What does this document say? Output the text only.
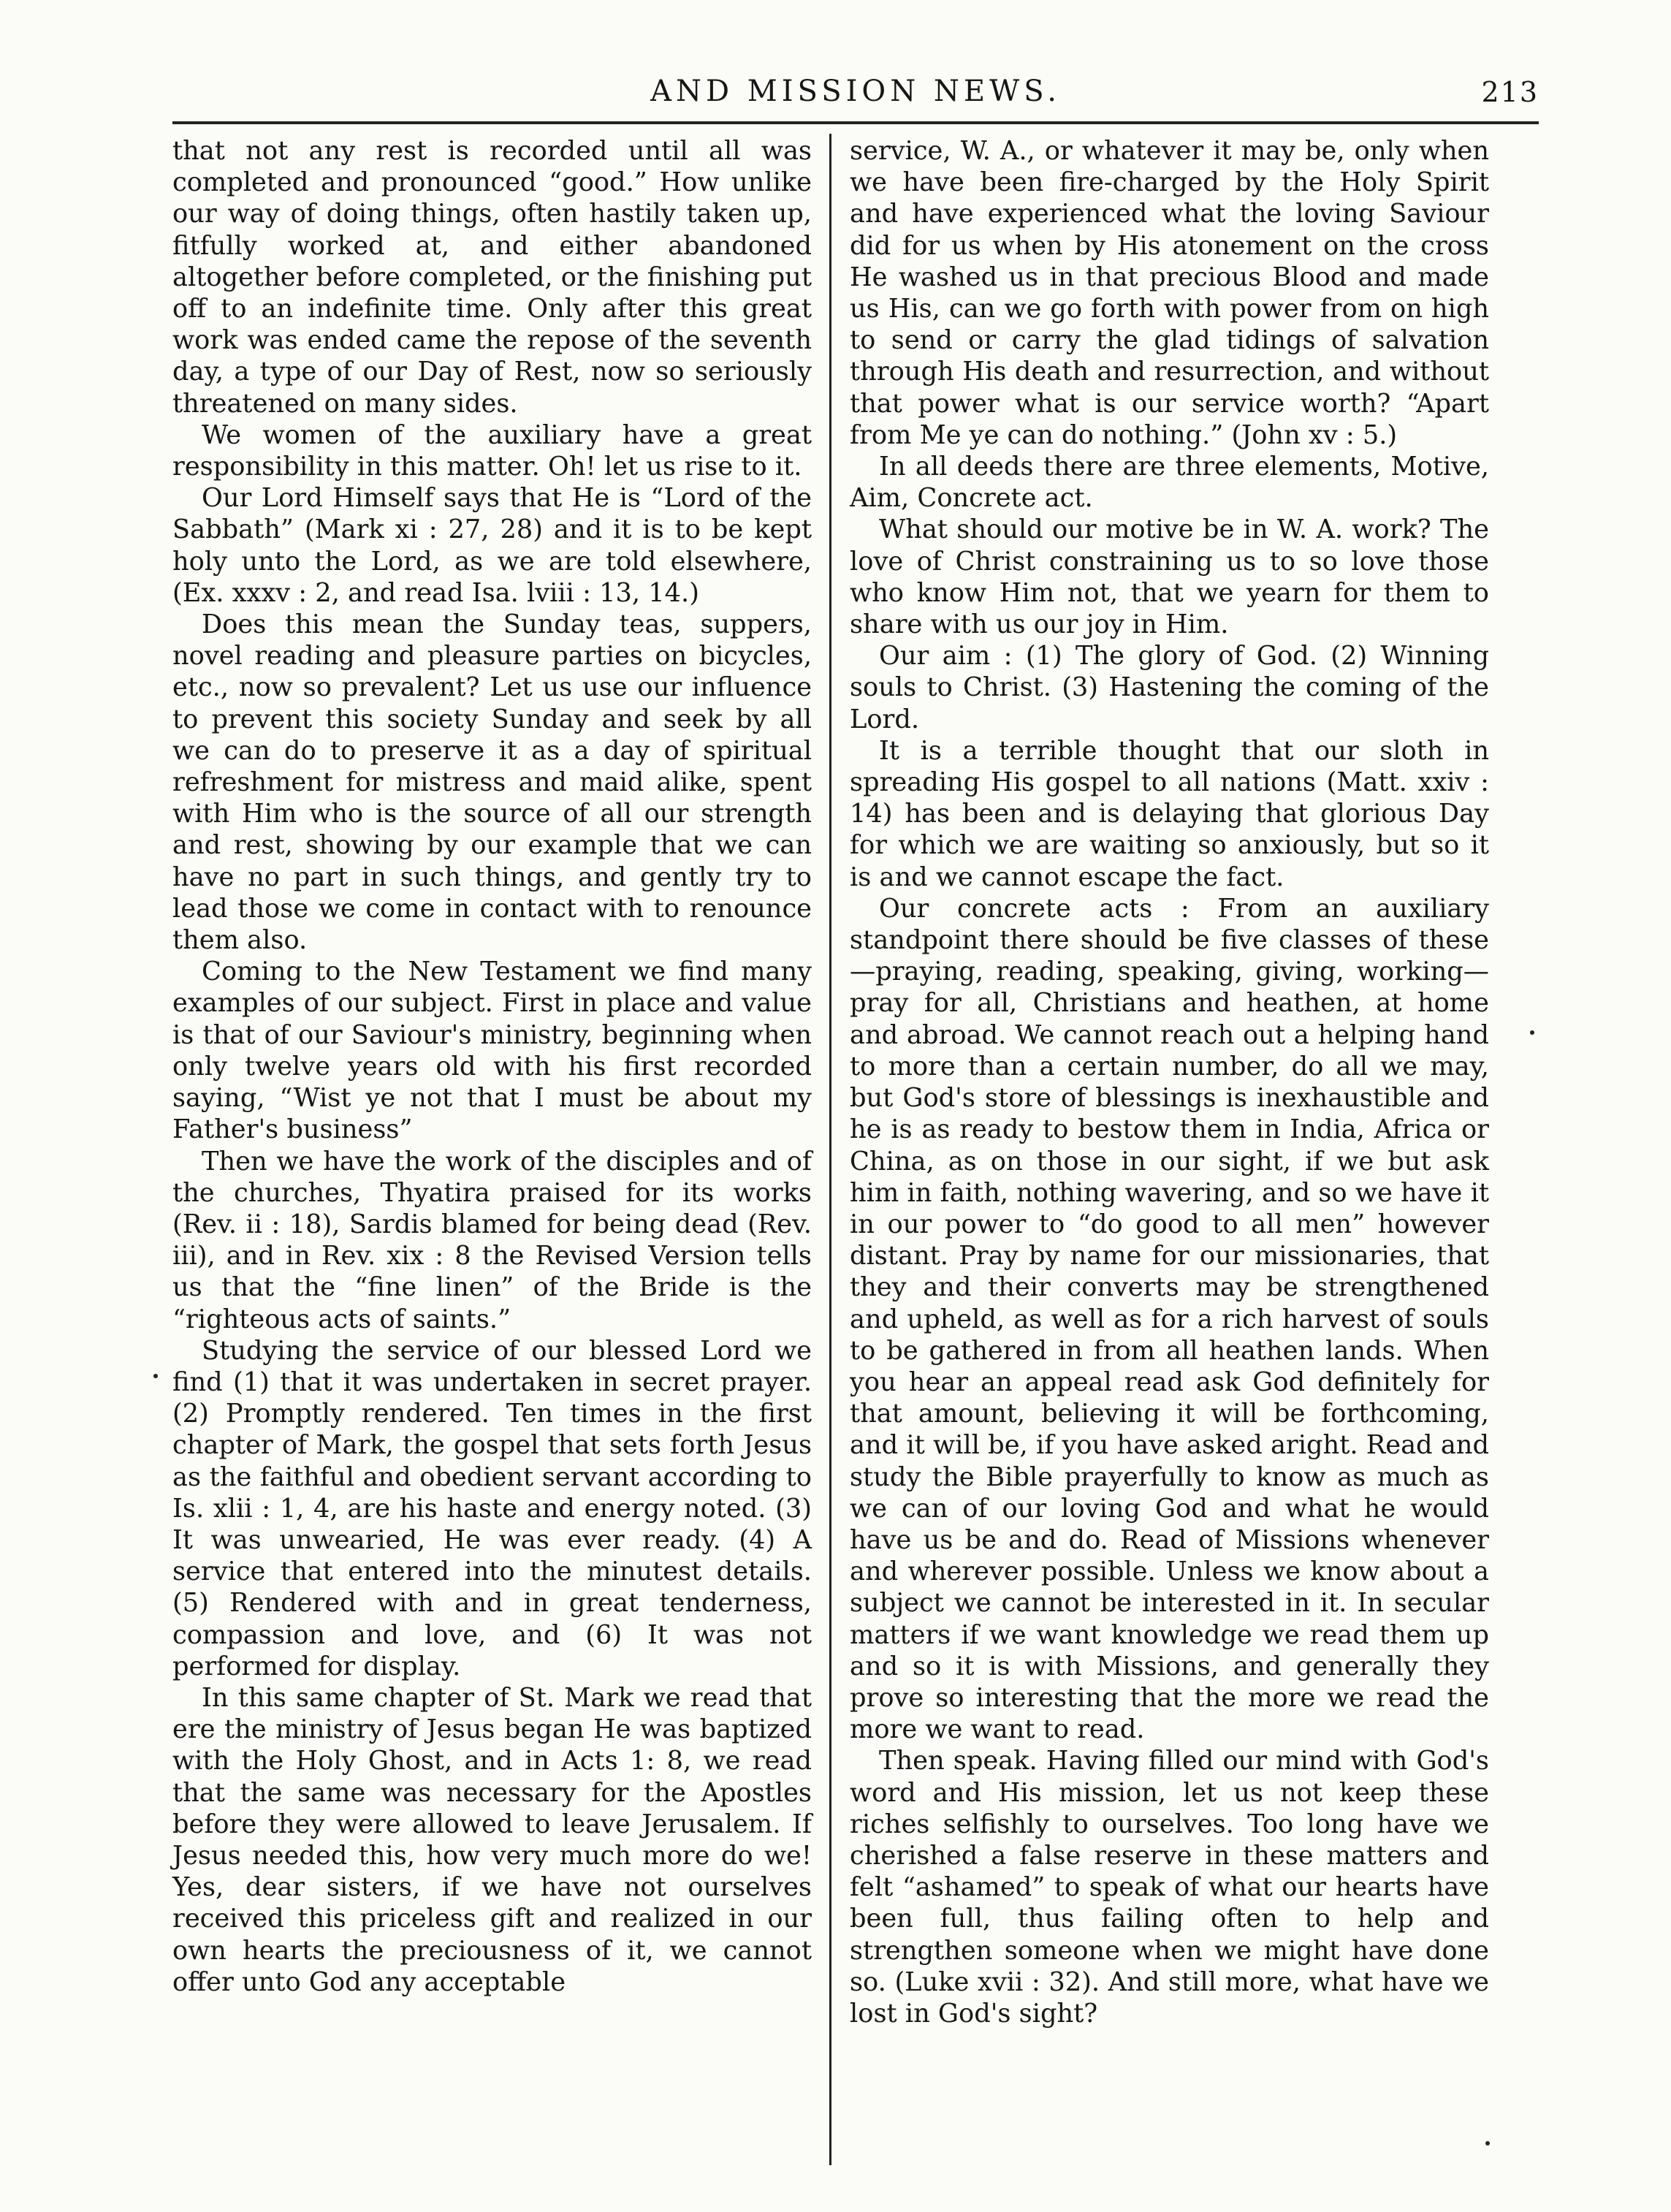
AND MISSION NEWS.	213

that not any rest is recorded until all was completed and pronounced “good.” How unlike our way of doing things, often hastily taken up, fitfully worked at, and either abandoned altogether before completed, or the finishing put off to an indefinite time. Only after this great work was ended came the repose of the seventh day, a type of our Day of Rest, now so seriously threatened on many sides.

We women of the auxiliary have a great responsibility in this matter. Oh! let us rise to it.

Our Lord Himself says that He is “Lord of the Sabbath” (Mark xi : 27, 28) and it is to be kept holy unto the Lord, as we are told elsewhere, (Ex. xxxv : 2, and read Isa. lviii : 13, 14.)

Does this mean the Sunday teas, suppers, novel reading and pleasure parties on bicycles, etc., now so prevalent? Let us use our influence to prevent this society Sunday and seek by all we can do to preserve it as a day of spiritual refreshment for mistress and maid alike, spent with Him who is the source of all our strength and rest, showing by our example that we can have no part in such things, and gently try to lead those we come in contact with to renounce them also.

Coming to the New Testament we find many examples of our subject. First in place and value is that of our Saviour's ministry, beginning when only twelve years old with his first recorded saying, “Wist ye not that I must be about my Father's business”

Then we have the work of the disciples and of the churches, Thyatira praised for its works (Rev. ii : 18), Sardis blamed for being dead (Rev. iii), and in Rev. xix : 8 the Revised Version tells us that the “fine linen” of the Bride is the “righteous acts of saints.”

Studying the service of our blessed Lord we find (1) that it was undertaken in secret prayer. (2) Promptly rendered. Ten times in the first chapter of Mark, the gospel that sets forth Jesus as the faithful and obedient servant according to Is. xlii : 1, 4, are his haste and energy noted. (3) It was unwearied, He was ever ready. (4) A service that entered into the minutest details. (5) Rendered with and in great tenderness, compassion and love, and (6) It was not performed for display.

In this same chapter of St. Mark we read that ere the ministry of Jesus began He was baptized with the Holy Ghost, and in Acts 1: 8, we read that the same was necessary for the Apostles before they were allowed to leave Jerusalem. If Jesus needed this, how very much more do we! Yes, dear sisters, if we have not ourselves received this priceless gift and realized in our own hearts the preciousness of it, we cannot offer unto God any acceptable

service, W. A., or whatever it may be, only when we have been fire-charged by the Holy Spirit and have experienced what the loving Saviour did for us when by His atonement on the cross He washed us in that precious Blood and made us His, can we go forth with power from on high to send or carry the glad tidings of salvation through His death and resurrection, and without that power what is our service worth? “Apart from Me ye can do nothing.” (John xv : 5.)

In all deeds there are three elements, Motive, Aim, Concrete act.

What should our motive be in W. A. work? The love of Christ constraining us to so love those who know Him not, that we yearn for them to share with us our joy in Him.

Our aim : (1) The glory of God. (2) Winning souls to Christ. (3) Hastening the coming of the Lord.

It is a terrible thought that our sloth in spreading His gospel to all nations (Matt. xxiv : 14) has been and is delaying that glorious Day for which we are waiting so anxiously, but so it is and we cannot escape the fact.

Our concrete acts : From an auxiliary standpoint there should be five classes of these—praying, reading, speaking, giving, working—pray for all, Christians and heathen, at home and abroad. We cannot reach out a helping hand to more than a certain number, do all we may, but God's store of blessings is inexhaustible and he is as ready to bestow them in India, Africa or China, as on those in our sight, if we but ask him in faith, nothing wavering, and so we have it in our power to “do good to all men” however distant. Pray by name for our missionaries, that they and their converts may be strengthened and upheld, as well as for a rich harvest of souls to be gathered in from all heathen lands. When you hear an appeal read ask God definitely for that amount, believing it will be forthcoming, and it will be, if you have asked aright. Read and study the Bible prayerfully to know as much as we can of our loving God and what he would have us be and do. Read of Missions whenever and wherever possible. Unless we know about a subject we cannot be interested in it. In secular matters if we want knowledge we read them up and so it is with Missions, and generally they prove so interesting that the more we read the more we want to read.

Then speak. Having filled our mind with God's word and His mission, let us not keep these riches selfishly to ourselves. Too long have we cherished a false reserve in these matters and felt “ashamed” to speak of what our hearts have been full, thus failing often to help and strengthen someone when we might have done so. (Luke xvii : 32). And still more, what have we lost in God's sight?
